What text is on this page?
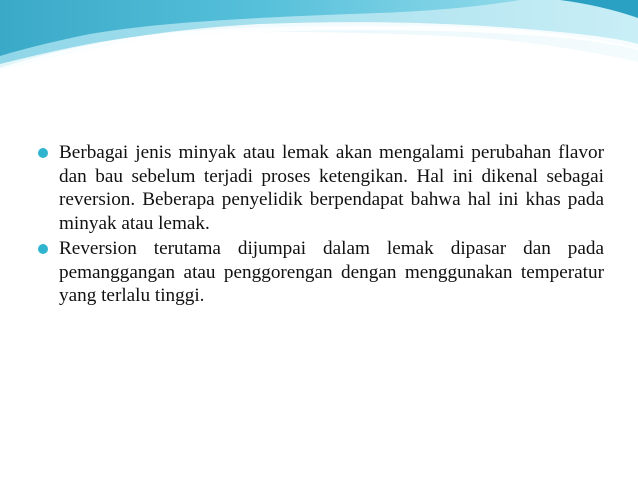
Berbagai jenis minyak atau lemak akan mengalami perubahan flavor dan bau sebelum terjadi proses ketengikan. Hal ini dikenal sebagai reversion. Beberapa penyelidik berpendapat bahwa hal ini khas pada minyak atau lemak.
Reversion terutama dijumpai dalam lemak dipasar dan pada pemanggangan atau penggorengan dengan menggunakan temperatur yang terlalu tinggi.
